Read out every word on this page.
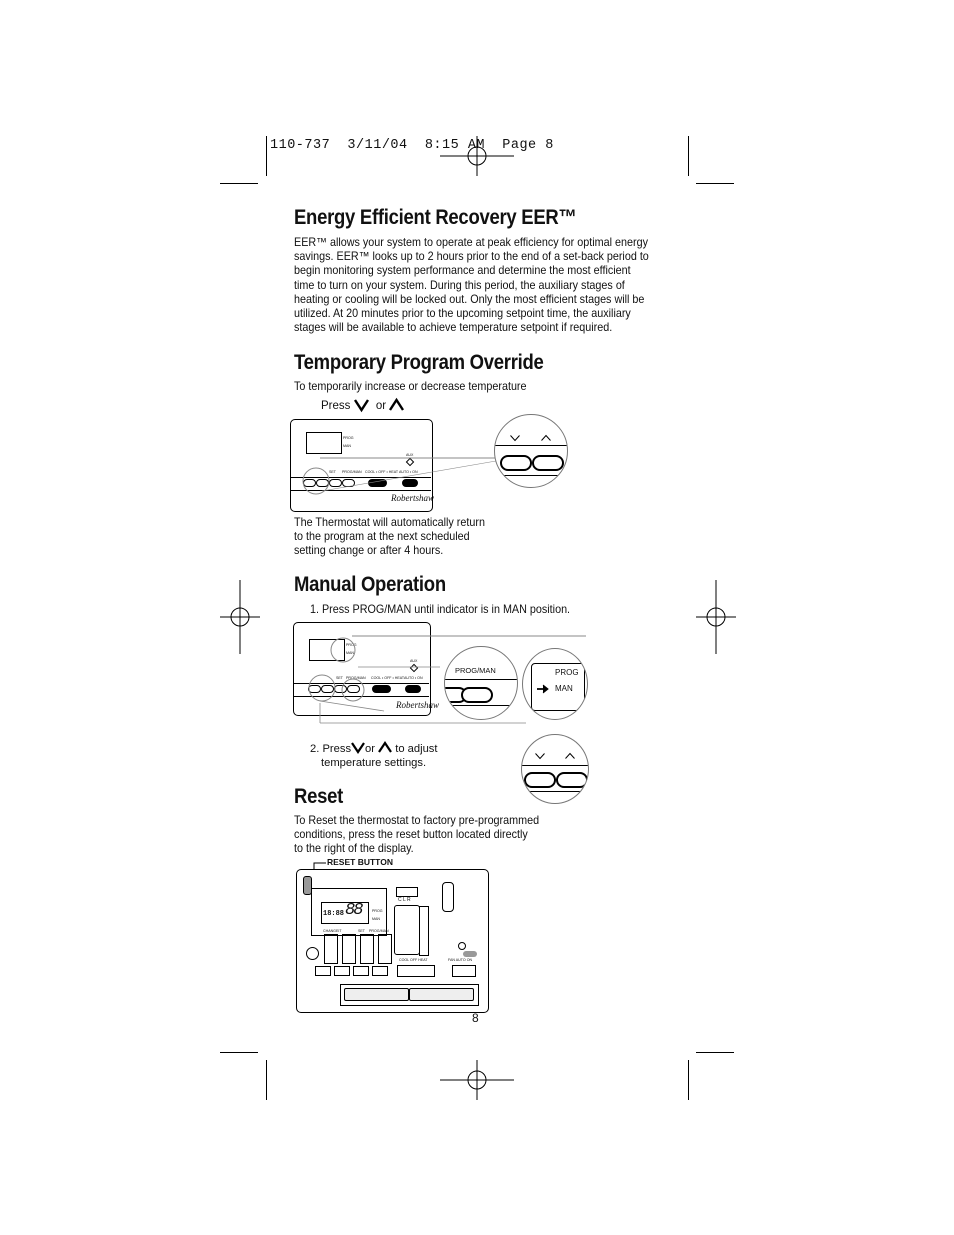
110-737  3/11/04  8:15 AM  Page 8
Energy Efficient Recovery EER™
EER™ allows your system to operate at peak efficiency for optimal energy
savings. EER™ looks up to 2 hours prior to the end of a set-back period to
begin monitoring system performance and determine the most efficient
time to turn on your system. During this period, the auxiliary stages of
heating or cooling will be locked out. Only the most efficient stages will be
utilized. At 20 minutes prior to the upcoming setpoint time, the auxiliary
stages will be available to achieve temperature setpoint if required.
Temporary Program Override
To temporarily increase or decrease temperature
Press or
PROG
MAN
AUX
SET PROG/MAN COOL • OFF • HEAT AUTO • ON
Robertshaw
The Thermostat will automatically return
to the program at the next scheduled
setting change or after 4 hours.
Manual Operation
1. Press PROG/MAN until indicator is in MAN position.
PROG
MAN
AUX
SET PROG/MAN COOL • OFF • HEAT AUTO • ON
Robertshaw
PROG/MAN	PROG
MAN
2. Press or to adjust
temperature settings.
Reset
To Reset the thermostat to factory pre-programmed
conditions, press the reset button located directly
to the right of the display.
RESET BUTTON
18:88 88	PROG
MAN
CHANGEIT	SET PROG/MAN
C L R
COOL OFF HEAT	FAN AUTO ON
8
